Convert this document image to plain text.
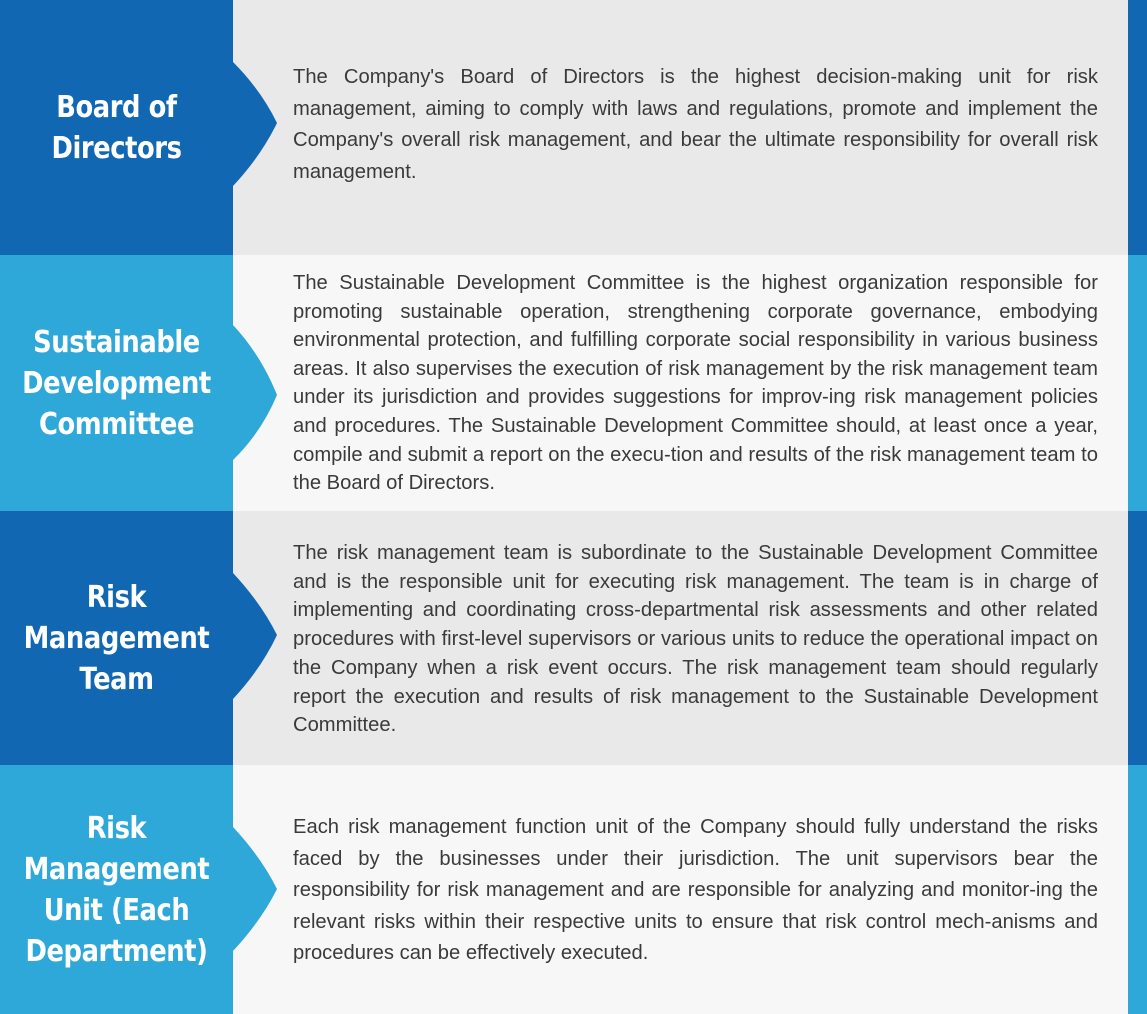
Board of
Directors

The Company's Board of Directors is the highest decision-making unit for risk management, aiming to comply with laws and regulations, promote and implement the Company's overall risk management, and bear the ultimate responsibility for overall risk management.

Sustainable
Development
Committee

The Sustainable Development Committee is the highest organization responsible for promoting sustainable operation, strengthening corporate governance, embodying environmental protection, and fulfilling corporate social responsibility in various business areas. It also supervises the execution of risk management by the risk management team under its jurisdiction and provides suggestions for improv-ing risk management policies and procedures. The Sustainable Development Committee should, at least once a year, compile and submit a report on the execu-tion and results of the risk management team to the Board of Directors.

Risk
Management
Team

The risk management team is subordinate to the Sustainable Development Committee and is the responsible unit for executing risk management. The team is in charge of implementing and coordinating cross-departmental risk assessments and other related procedures with first-level supervisors or various units to reduce the operational impact on the Company when a risk event occurs. The risk management team should regularly report the execution and results of risk management to the Sustainable Development Committee.

Risk
Management
Unit (Each
Department)

Each risk management function unit of the Company should fully understand the risks faced by the businesses under their jurisdiction. The unit supervisors bear the responsibility for risk management and are responsible for analyzing and monitor-ing the relevant risks within their respective units to ensure that risk control mech-anisms and procedures can be effectively executed.
